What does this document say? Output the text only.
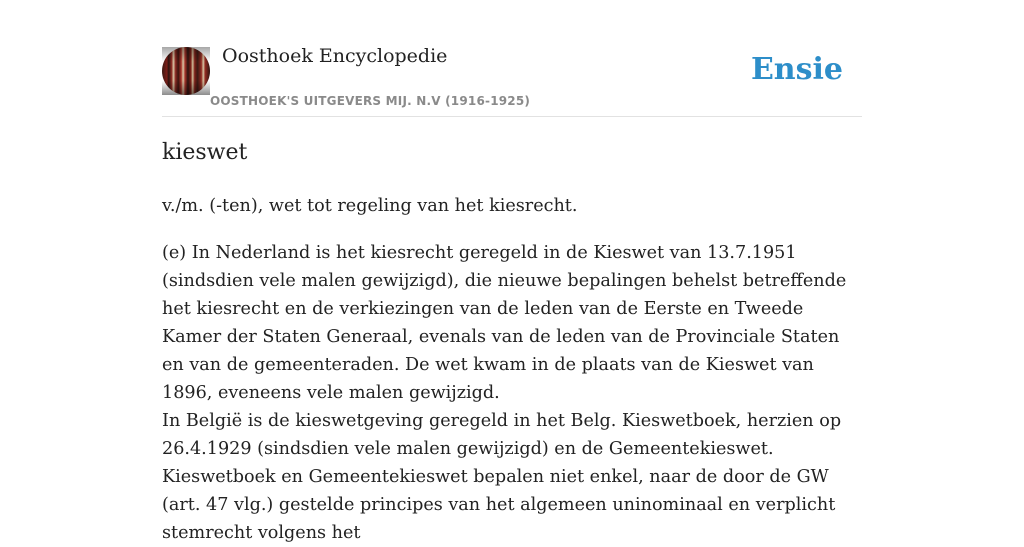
Oosthoek Encyclopedie
OOSTHOEK'S UITGEVERS MIJ. N.V (1916-1925)
Ensie
kieswet

v./m. (-ten), wet tot regeling van het kiesrecht.

(e) In Nederland is het kiesrecht geregeld in de Kieswet van 13.7.1951 (sindsdien vele malen gewijzigd), die nieuwe bepalingen behelst betreffende het kiesrecht en de verkiezingen van de leden van de Eerste en Tweede Kamer der Staten Generaal, evenals van de leden van de Provinciale Staten en van de gemeenteraden. De wet kwam in de plaats van de Kieswet van 1896, eveneens vele malen gewijzigd.

In België is de kieswetgeving geregeld in het Belg. Kieswetboek, herzien op 26.4.1929 (sindsdien vele malen gewijzigd) en de Gemeentekieswet. Kieswetboek en Gemeentekieswet bepalen niet enkel, naar de door de GW (art. 47 vlg.) gestelde principes van het algemeen uninominaal en verplicht stemrecht volgens het
